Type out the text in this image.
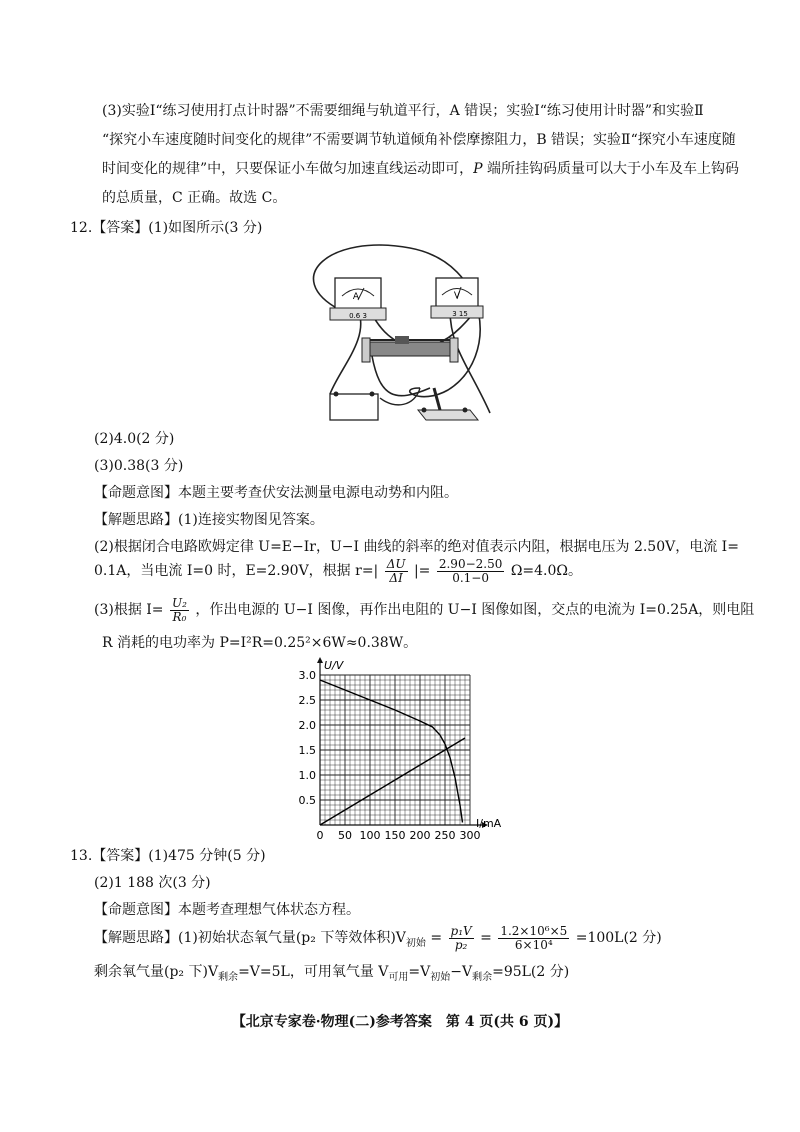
(3)实验Ⅰ“练习使用打点计时器”不需要细绳与轨道平行，A 错误；实验Ⅰ“练习使用计时器”和实验Ⅱ
“探究小车速度随时间变化的规律”不需要调节轨道倾角补偿摩擦阻力，B 错误；实验Ⅱ“探究小车速度随
时间变化的规律”中，只要保证小车做匀加速直线运动即可，P 端所挂钩码质量可以大于小车及车上钩码
的总质量，C 正确。故选 C。
12.【答案】(1)如图所示(3 分)
A
0.6 3
V
3 15
(2)4.0(2 分)
(3)0.38(3 分)
【命题意图】本题主要考查伏安法测量电源电动势和内阻。
【解题思路】(1)连接实物图见答案。
(2)根据闭合电路欧姆定律 U=E−Ir，U−I 曲线的斜率的绝对值表示内阻，根据电压为 2.50V，电流 I=
0.1A，当电流 I=0 时，E=2.90V，根据 $r=| \frac{\Delta U}{\Delta I}$ |= $\frac{2.90-2.50}{0.1-0} \Omega=4.0\Omega$。
(3)根据 $I= \frac{\text{U₂}}{\text{R₀}}$ ，作出电源的 U−I 图像，再作出电阻的 U−I 图像如图，交点的电流为 I=0.25A，则电阻
R 消耗的电功率为 P=I²R=0.25²×6W≈0.38W。
0 50 100 150 200 250 300
0.5
1.0
1.5
2.0
2.5
3.0
U/V
I/mA
13.【答案】(1)475 分钟(5 分)
(2)1 188 次(3 分)
【命题意图】本题考查理想气体状态方程。
【解题思路】(1)初始状态氧气量(p₂ 下等效体积)$V_{初始} = \frac{\text{p₁V}}{\text{p₂}} = \frac{\text{1.2×10⁶×5}}{\text{6×10⁴}} =100L(2$ 分)
剩余氧气量(p₂ 下)$V_{剩余}=V=5L$，可用氧气量 $V_{可用}=V_{初始}-V_{剩余}=95L(2$ 分)
【北京专家卷·物理(二)参考答案　第 4 页(共 6 页)】
